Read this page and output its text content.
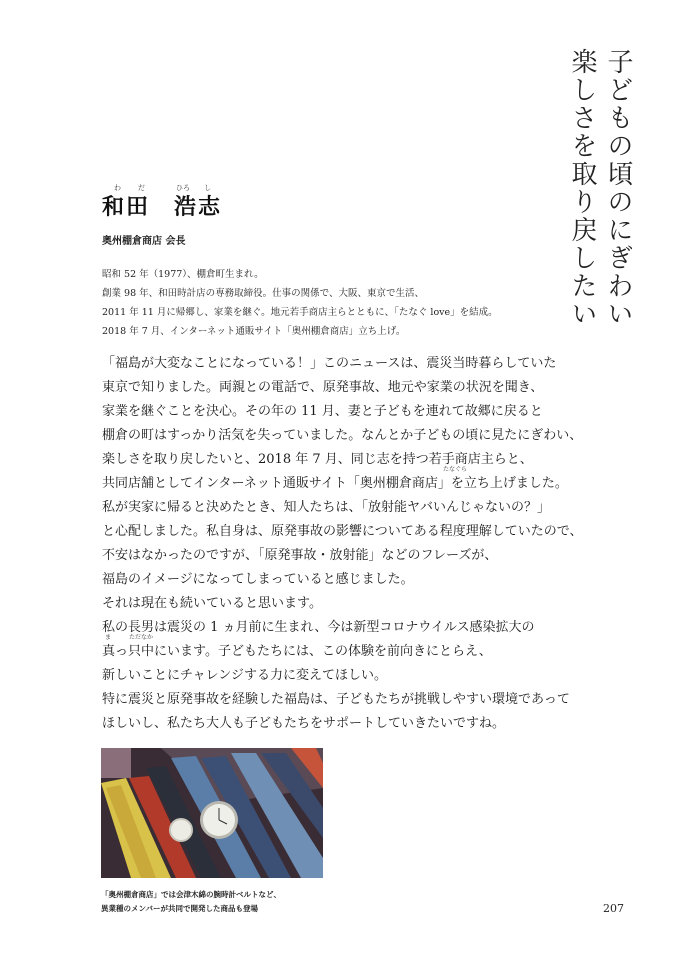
子どもの頃のにぎわい
楽しさを取り戻したい
わ だ	ひろ し
和田　浩志
奥州棚倉商店 会長
昭和 52 年（1977）、棚倉町生まれ。
創業 98 年、和田時計店の専務取締役。仕事の関係で、大阪、東京で生活、
2011 年 11 月に帰郷し、家業を継ぐ。地元若手商店主らとともに、「たなぐ love」を結成。
2018 年 7 月、インターネット通販サイト「奥州棚倉商店」立ち上げ。
「福島が大変なことになっている！」このニュースは、震災当時暮らしていた
東京で知りました。両親との電話で、原発事故、地元や家業の状況を聞き、
家業を継ぐことを決心。その年の 11 月、妻と子どもを連れて故郷に戻ると
棚倉の町はすっかり活気を失っていました。なんとか子どもの頃に見たにぎわい、
楽しさを取り戻したいと、2018 年 7 月、同じ志を持つ若手商店主らと、
たなぐら
共同店舗としてインターネット通販サイト「奥州棚倉商店」を立ち上げました。
私が実家に帰ると決めたとき、知人たちは、「放射能ヤバいんじゃないの？」
と心配しました。私自身は、原発事故の影響についてある程度理解していたので、
不安はなかったのですが、「原発事故・放射能」などのフレーズが、
福島のイメージになってしまっていると感じました。
それは現在も続いていると思います。
私の長男は震災の 1 ヵ月前に生まれ、今は新型コロナウイルス感染拡大の
ま	ただなか
真っ只中にいます。子どもたちには、この体験を前向きにとらえ、
新しいことにチャレンジする力に変えてほしい。
特に震災と原発事故を経験した福島は、子どもたちが挑戦しやすい環境であって
ほしいし、私たち大人も子どもたちをサポートしていきたいですね。
「奥州棚倉商店」では会津木綿の腕時計ベルトなど、
異業種のメンバーが共同で開発した商品も登場	207
